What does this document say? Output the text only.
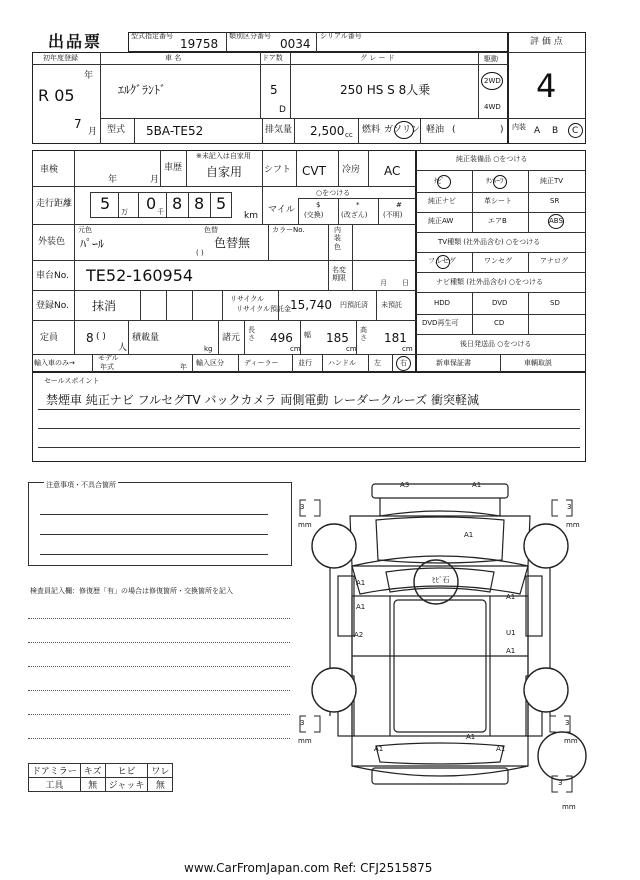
出品票	型式指定番号
19758
類別区分番号
0034
シリアル番号
評 価 点
4
内装 A B C
初年度登録
年
R 05
7
月
車 名
ｴﾙｸﾞﾗﾝﾄﾞ
ドア数
5
D
グ レ ー ド
250 HS S 8人乗
駆動
2WD
4WD
型式 5BA-TE52	排気量 2,500 cc 燃料 ガソリン 軽油 (	)
車検
年	月
車歴
※未記入は自家用
自家用 シフト CVT 冷房 AC
走行距離 5 万 0 千 8 8 5
km
○をつける
マイル	$
(交換)
*
(改ざん)
#
(不明)
外装色
元色
ﾊﾟｰﾙ
色替
色替無
( )
カラーNo.	内装色
車台No. TE52-160954	名変期限
月 日
登録No. 抹消	リサイクル
リサイクル預託金
15,740 円預託済 未預託
定員 8 ( )
人
積載量
kg
諸元
長さ 496
cm
幅 185
cm
高さ 181
cm
輸入車のみ→
モデル
年式	年 輸入区分	ディーラー	並行 ハンドル	左	右
純正装備品 ○をつける
ﾅﾋﾞ	ｻﾝﾙｰﾌ	純正TV
純正ナビ	革シート	SR
純正AW	エアB	ABS
TV種類 (社外品含む) ○をつける
フルセグ	ワンセグ	アナログ
ナビ種類 (社外品含む) ○をつける
HDD	DVD	SD
DVD再生可	CD
後日発送品 ○をつける
新車保証書	車輌取説
セールスポイント
禁煙車 純正ナビ フルセグTV バックカメラ 両側電動 レーダークルーズ 衝突軽減
注意事項・不具合箇所
検査員記入欄：修復歴「有」の場合は修復箇所・交換箇所を記入
ドアミラー	キズ	ヒビ	ワレ
工具	無	ジャッキ	無
3
mm
3
mm
3
mm
3
mm
3
mm
A3	A1
A1
ﾋﾋﾞ石
A1
A1
A1
A2	U1
A1
A1
A1	A1
www.CarFromJapan.com Ref: CFJ2515875
